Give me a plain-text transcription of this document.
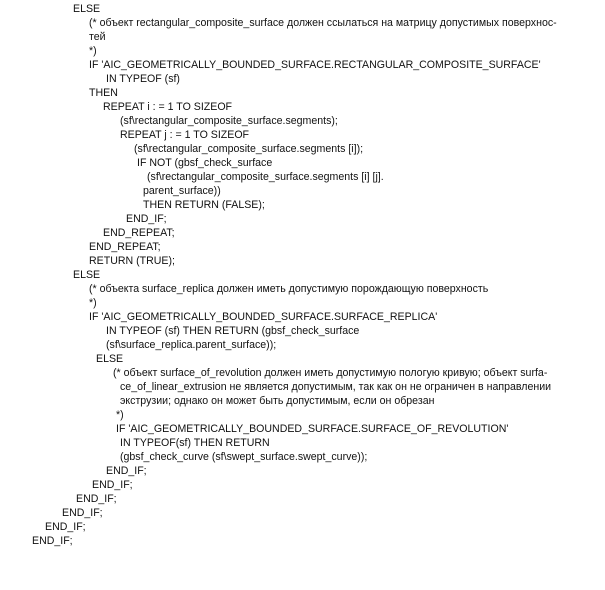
ELSE
(* объект rectangular_composite_surface должен ссылаться на матрицу допустимых поверхнос-
тей
*)
IF 'AIC_GEOMETRICALLY_BOUNDED_SURFACE.RECTANGULAR_COMPOSITE_SURFACE'
IN TYPEOF (sf)
THEN
REPEAT i : = 1 TO SIZEOF
(sf\rectangular_composite_surface.segments);
REPEAT j : = 1 TO SIZEOF
(sf\rectangular_composite_surface.segments [i]);
IF NOT (gbsf_check_surface
(sf\rectangular_composite_surface.segments [i] [j].
parent_surface))
THEN RETURN (FALSE);
END_IF;
END_REPEAT;
END_REPEAT;
RETURN (TRUE);
ELSE
(* объекта surface_replica должен иметь допустимую порождающую поверхность
*)
IF 'AIC_GEOMETRICALLY_BOUNDED_SURFACE.SURFACE_REPLICA'
IN TYPEOF (sf) THEN RETURN (gbsf_check_surface
(sf\surface_replica.parent_surface));
ELSE
(* объект surface_of_revolution должен иметь допустимую пологую кривую; объект surfa-
ce_of_linear_extrusion не является допустимым, так как он не ограничен в направлении
экструзии; однако он может быть допустимым, если он обрезан
*)
IF 'AIC_GEOMETRICALLY_BOUNDED_SURFACE.SURFACE_OF_REVOLUTION'
IN TYPEOF(sf) THEN RETURN
(gbsf_check_curve (sf\swept_surface.swept_curve));
END_IF;
END_IF;
END_IF;
END_IF;
END_IF;
END_IF;
